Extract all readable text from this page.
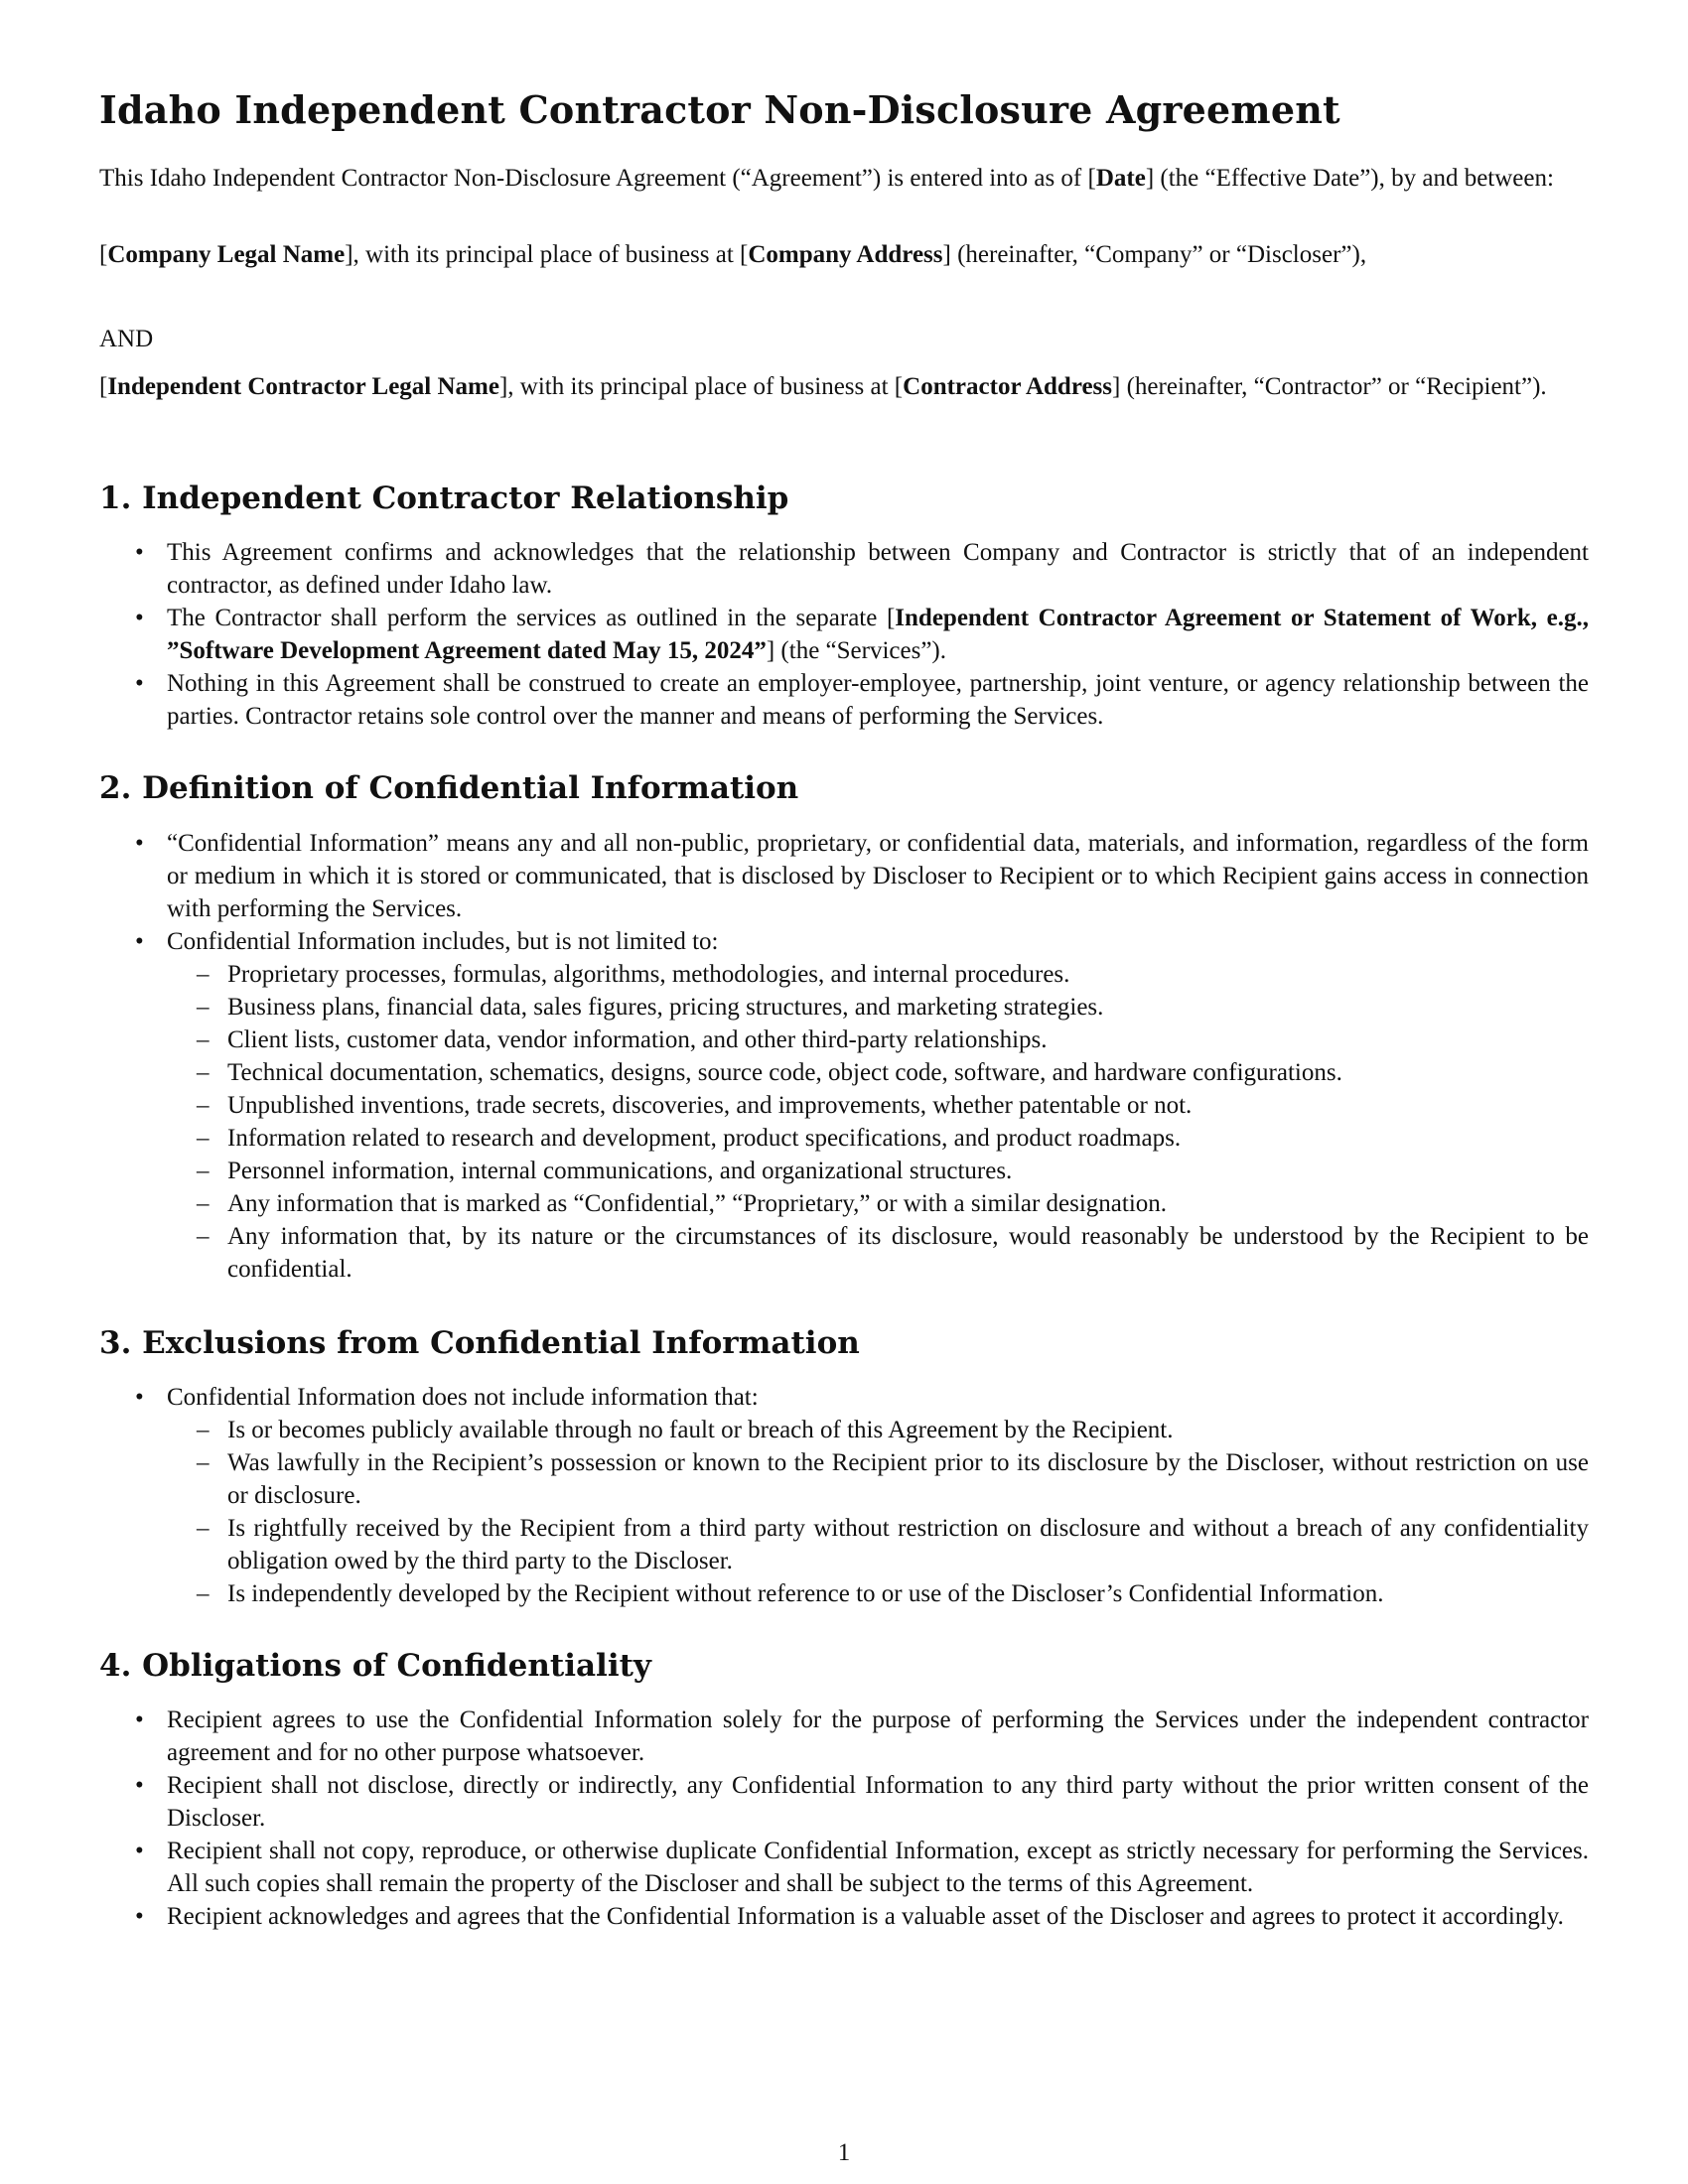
Idaho Independent Contractor Non-Disclosure Agreement

This Idaho Independent Contractor Non-Disclosure Agreement (“Agreement”) is entered into as of [Date] (the “Effective Date”), by and between:

[Company Legal Name], with its principal place of business at [Company Address] (hereinafter, “Company” or “Discloser”),

AND

[Independent Contractor Legal Name], with its principal place of business at [Contractor Address] (hereinafter, “Contractor” or “Recipient”).

1. Independent Contractor Relationship
• This Agreement confirms and acknowledges that the relationship between Company and Contractor is strictly that of an independent contractor, as defined under Idaho law.
• The Contractor shall perform the services as outlined in the separate [Independent Contractor Agreement or Statement of Work, e.g., ”Software Development Agreement dated May 15, 2024”] (the “Services”).
• Nothing in this Agreement shall be construed to create an employer-employee, partnership, joint venture, or agency relationship between the parties. Contractor retains sole control over the manner and means of performing the Services.
2. Definition of Confidential Information
• “Confidential Information” means any and all non-public, proprietary, or confidential data, materials, and information, regardless of the form or medium in which it is stored or communicated, that is disclosed by Discloser to Recipient or to which Recipient gains access in connection with performing the Services.
• Confidential Information includes, but is not limited to:
– Proprietary processes, formulas, algorithms, methodologies, and internal procedures.
– Business plans, financial data, sales figures, pricing structures, and marketing strategies.
– Client lists, customer data, vendor information, and other third-party relationships.
– Technical documentation, schematics, designs, source code, object code, software, and hardware configurations.
– Unpublished inventions, trade secrets, discoveries, and improvements, whether patentable or not.
– Information related to research and development, product specifications, and product roadmaps.
– Personnel information, internal communications, and organizational structures.
– Any information that is marked as “Confidential,” “Proprietary,” or with a similar designation.
– Any information that, by its nature or the circumstances of its disclosure, would reasonably be understood by the Recipient to be confidential.
3. Exclusions from Confidential Information
• Confidential Information does not include information that:
– Is or becomes publicly available through no fault or breach of this Agreement by the Recipient.
– Was lawfully in the Recipient’s possession or known to the Recipient prior to its disclosure by the Discloser, without restriction on use or disclosure.
– Is rightfully received by the Recipient from a third party without restriction on disclosure and without a breach of any confidentiality obligation owed by the third party to the Discloser.
– Is independently developed by the Recipient without reference to or use of the Discloser’s Confidential Information.
4. Obligations of Confidentiality
• Recipient agrees to use the Confidential Information solely for the purpose of performing the Services under the independent contractor agreement and for no other purpose whatsoever.
• Recipient shall not disclose, directly or indirectly, any Confidential Information to any third party without the prior written consent of the Discloser.
• Recipient shall not copy, reproduce, or otherwise duplicate Confidential Information, except as strictly necessary for performing the Services. All such copies shall remain the property of the Discloser and shall be subject to the terms of this Agreement.
• Recipient acknowledges and agrees that the Confidential Information is a valuable asset of the Discloser and agrees to protect it accordingly.
1
